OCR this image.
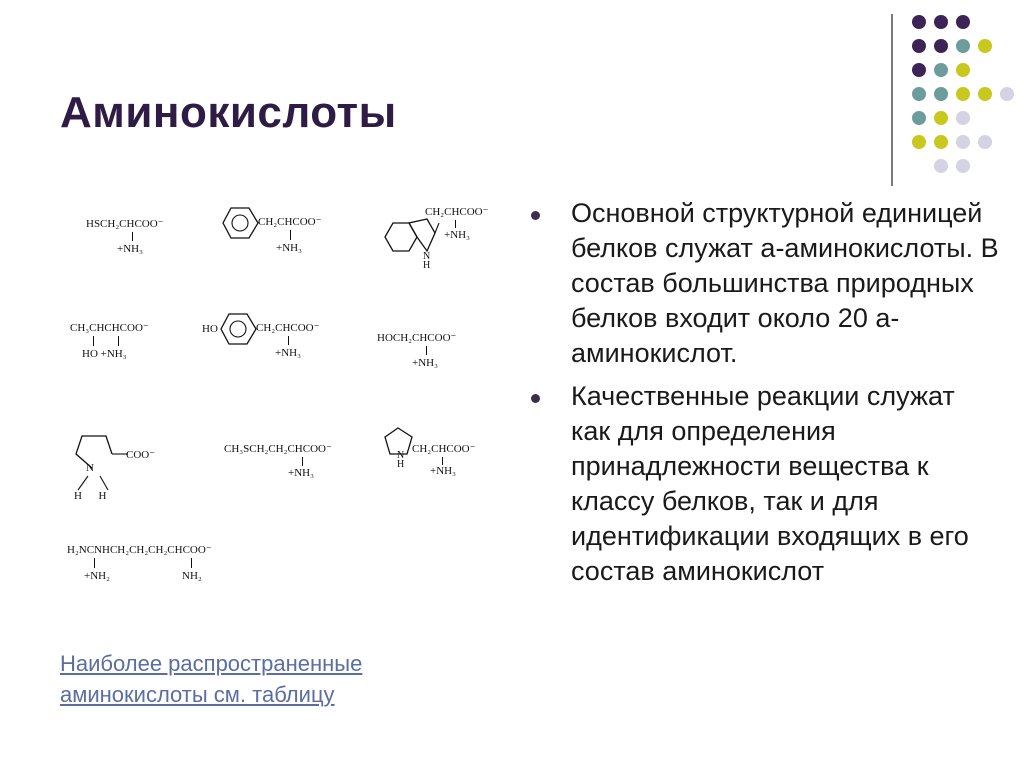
Аминокислоты
HSCH₂CHCOO⁻
+NH₃
CH₂CHCOO⁻
+NH₃
CH₂CHCOO⁻
+NH₃
N
H
CH₃CHCHCOO⁻
HO +NH₃
HO	CH₂CHCOO⁻
+NH₃
HOCH₂CHCOO⁻
+NH₃
N
COO⁻
H      H
CH₃SCH₂CH₂CHCOO⁻
+NH₃
CH₂CHCOO⁻
+NH₃
N
H
H₂NCNHCH₂CH₂CH₂CHCOO⁻
+NH₂	NH₂
Основной структурной единицей белков служат а-аминокислоты. В состав большинства природных белков входит около 20 а-аминокислот.
Качественные реакции служат как для определения принадлежности вещества к классу белков, так и для идентификации входящих в его состав аминокислот
Наиболее распространенные аминокислоты см. таблицу
